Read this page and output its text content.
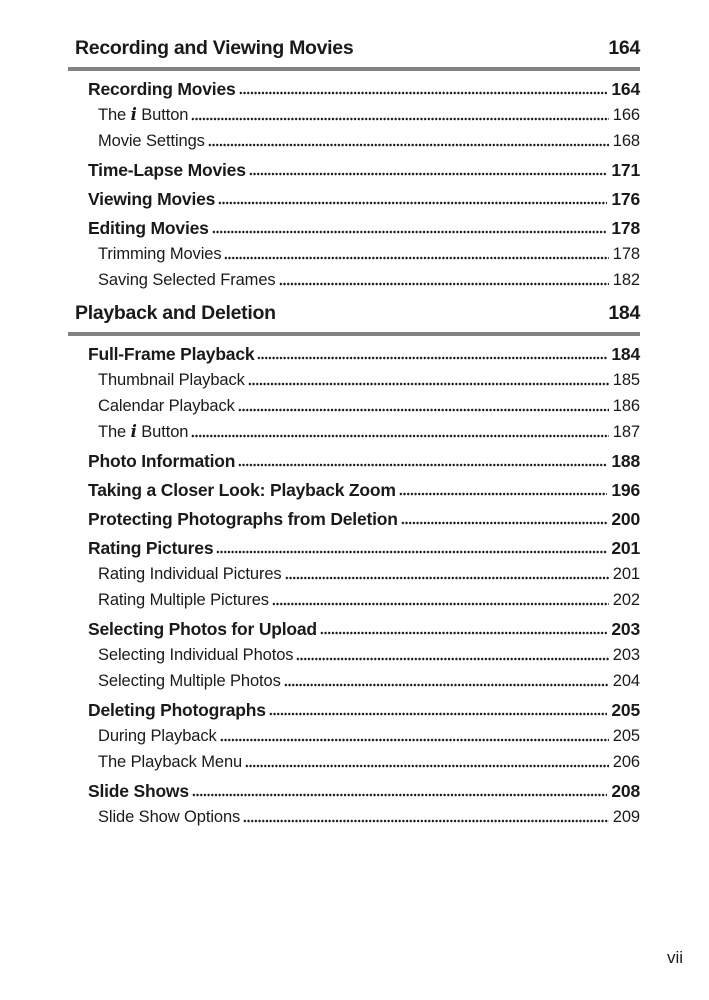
Recording and Viewing Movies	164
Recording Movies	164
The i Button	166
Movie Settings	168
Time-Lapse Movies	171
Viewing Movies	176
Editing Movies	178
Trimming Movies	178
Saving Selected Frames	182
Playback and Deletion	184
Full-Frame Playback	184
Thumbnail Playback	185
Calendar Playback	186
The i Button	187
Photo Information	188
Taking a Closer Look: Playback Zoom	196
Protecting Photographs from Deletion	200
Rating Pictures	201
Rating Individual Pictures	201
Rating Multiple Pictures	202
Selecting Photos for Upload	203
Selecting Individual Photos	203
Selecting Multiple Photos	204
Deleting Photographs	205
During Playback	205
The Playback Menu	206
Slide Shows	208
Slide Show Options	209
vii
